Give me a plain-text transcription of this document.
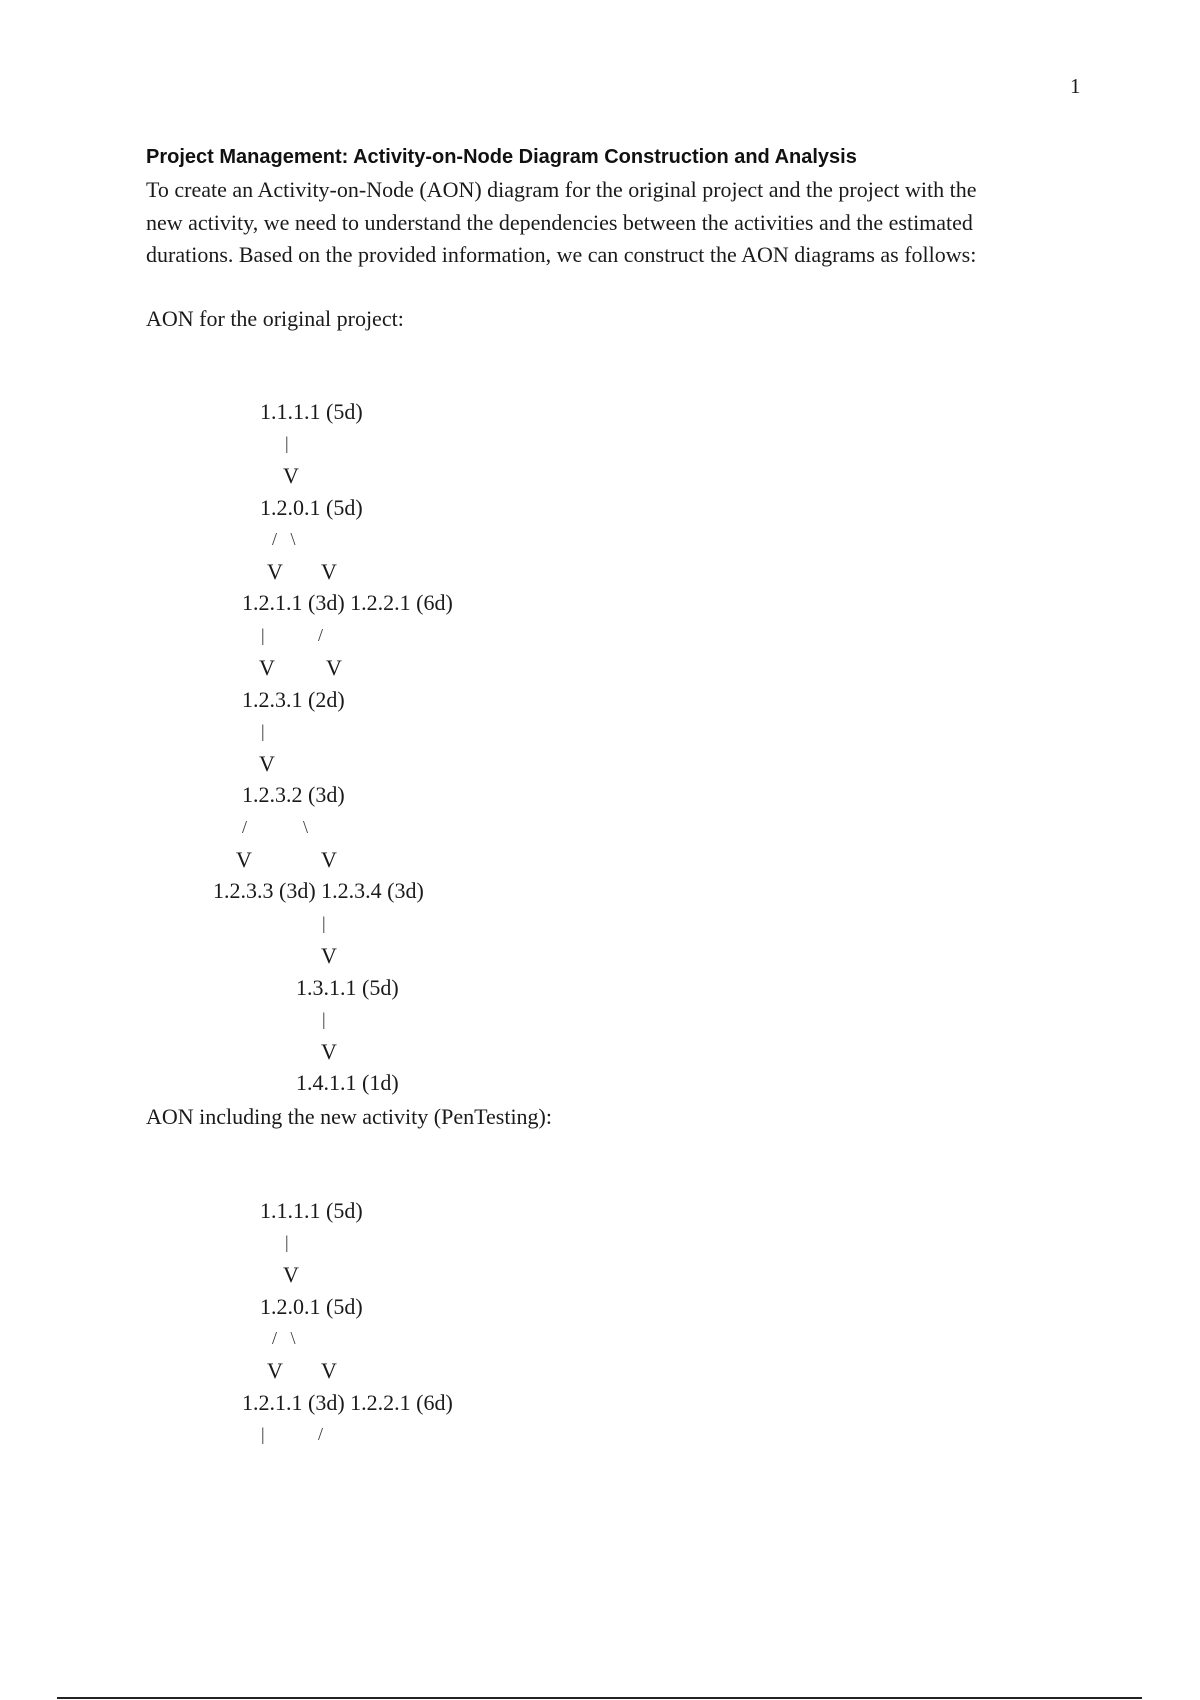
1
Project Management: Activity-on-Node Diagram Construction and Analysis

To create an Activity-on-Node (AON) diagram for the original project and the project with the
new activity, we need to understand the dependencies between the activities and the estimated
durations. Based on the provided information, we can construct the AON diagrams as follows:

AON for the original project:
1.1.1.1 (5d)
|
V
1.2.0.1 (5d)
/   \
V V
1.2.1.1 (3d) 1.2.2.1 (6d)
|	/
V V
1.2.3.1 (2d)
|
V
1.2.3.2 (3d)
/	\
V	V
1.2.3.3 (3d) 1.2.3.4 (3d)
|
V
1.3.1.1 (5d)
|
V
1.4.1.1 (1d)
AON including the new activity (PenTesting):
1.1.1.1 (5d)
|
V
1.2.0.1 (5d)
/   \
V V
1.2.1.1 (3d) 1.2.2.1 (6d)
|	/
